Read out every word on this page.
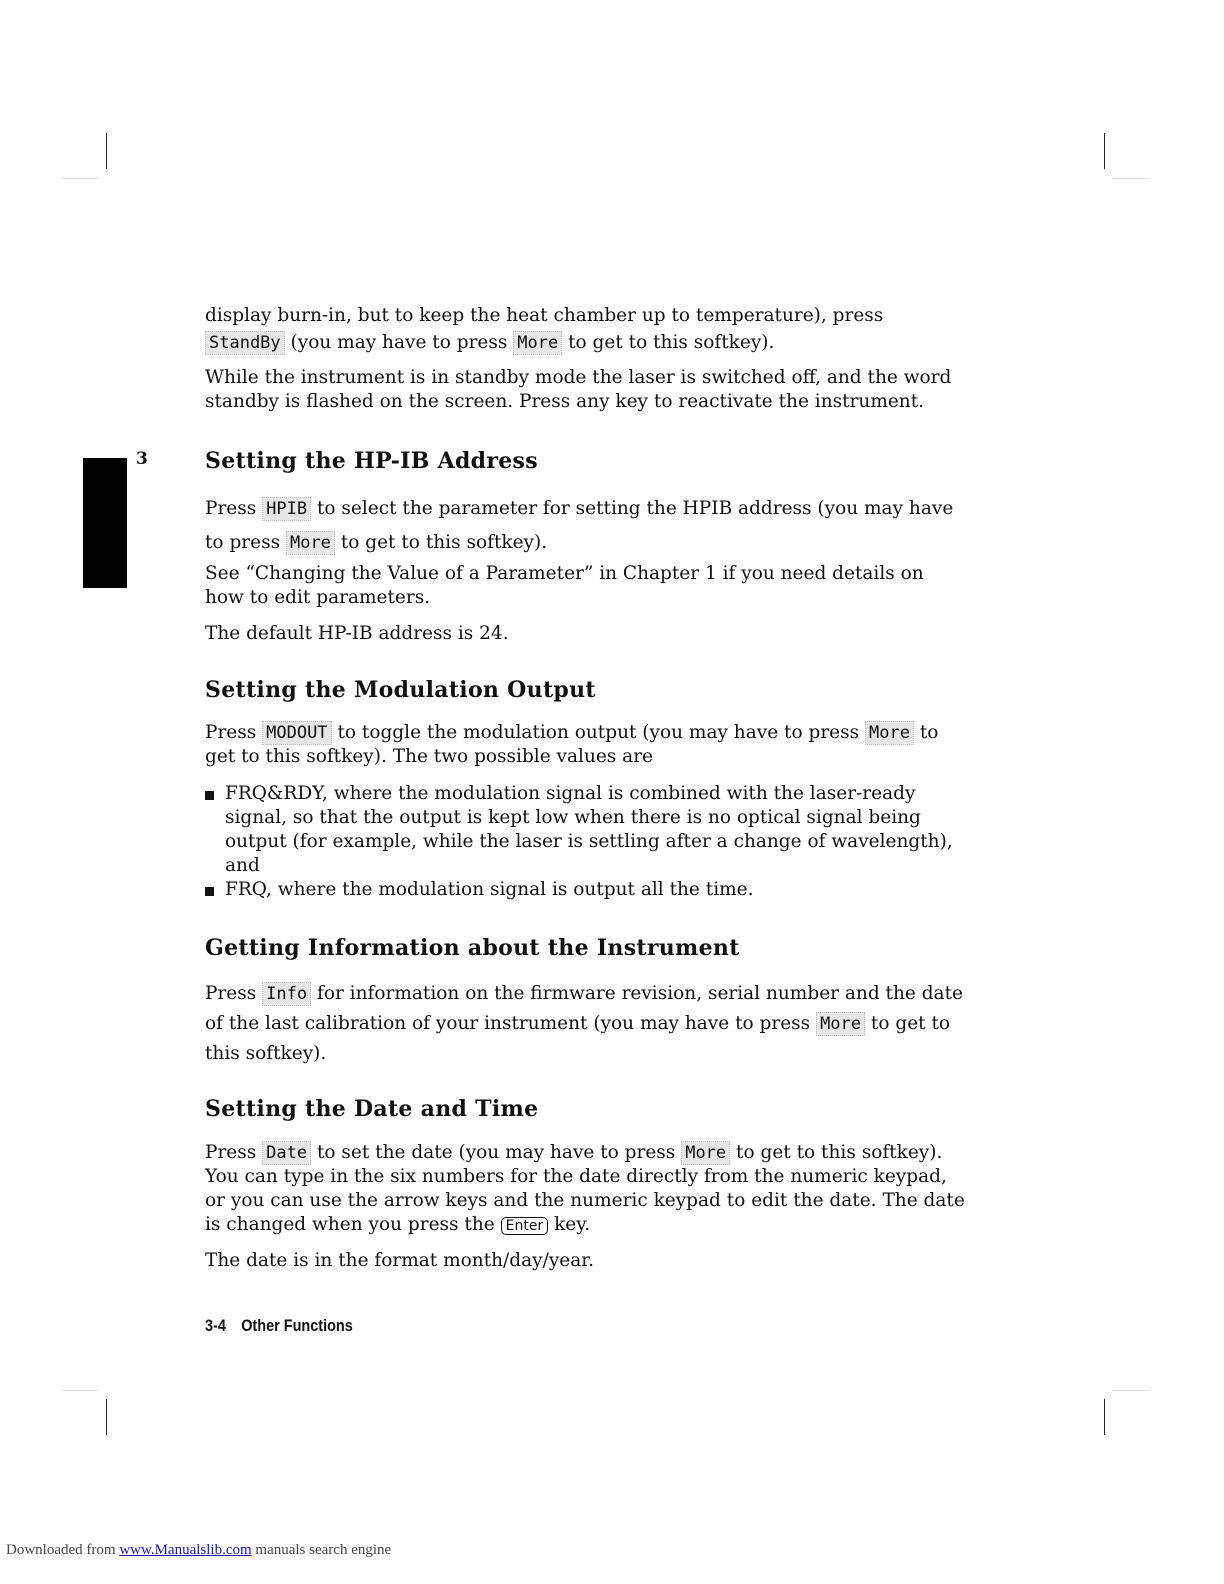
3

display burn-in, but to keep the heat chamber up to temperature), press
StandBy (you may have to press More to get to this softkey).

While the instrument is in standby mode the laser is switched off, and the word standby is flashed on the screen. Press any key to reactivate the instrument.

Setting the HP-IB Address

Press HPIB to select the parameter for setting the HPIB address (you may have to press More to get to this softkey).

See “Changing the Value of a Parameter” in Chapter 1 if you need details on how to edit parameters.

The default HP-IB address is 24.

Setting the Modulation Output

Press MODOUT to toggle the modulation output (you may have to press More to get to this softkey). The two possible values are

FRQ&RDY, where the modulation signal is combined with the laser-ready signal, so that the output is kept low when there is no optical signal being output (for example, while the laser is settling after a change of wavelength), and
FRQ, where the modulation signal is output all the time.
Getting Information about the Instrument

Press Info for information on the firmware revision, serial number and the date of the last calibration of your instrument (you may have to press More to get to this softkey).

Setting the Date and Time

Press Date to set the date (you may have to press More to get to this softkey). You can type in the six numbers for the date directly from the numeric keypad, or you can use the arrow keys and the numeric keypad to edit the date. The date is changed when you press the Enter key.

The date is in the format month/day/year.

3-4 Other Functions
Downloaded from www.Manualslib.com manuals search engine
